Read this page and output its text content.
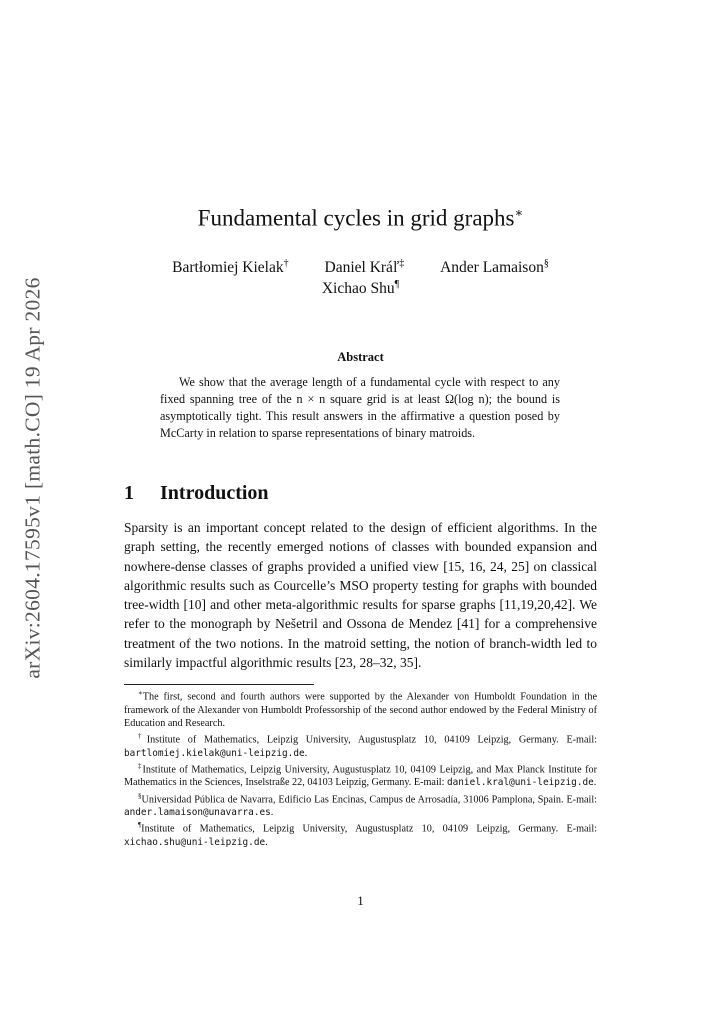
arXiv:2604.17595v1 [math.CO] 19 Apr 2026
Fundamental cycles in grid graphs∗
Bartłomiej Kielak† Daniel Kráľ‡ Ander Lamaison§
Xichao Shu¶
Abstract

We show that the average length of a fundamental cycle with respect to any fixed spanning tree of the n × n square grid is at least Ω(log n); the bound is asymptotically tight. This result answers in the affirmative a question posed by McCarty in relation to sparse representations of binary matroids.

1 Introduction

Sparsity is an important concept related to the design of efficient algorithms. In the graph setting, the recently emerged notions of classes with bounded expansion and nowhere-dense classes of graphs provided a unified view [15, 16, 24, 25] on classical algorithmic results such as Courcelle’s MSO property testing for graphs with bounded tree-width [10] and other meta-algorithmic results for sparse graphs [11,19,20,42]. We refer to the monograph by Nešetril and Ossona de Mendez [41] for a comprehensive treatment of the two notions. In the matroid setting, the notion of branch-width led to similarly impactful algorithmic results [23, 28–32, 35].

∗The first, second and fourth authors were supported by the Alexander von Humboldt Foundation in the framework of the Alexander von Humboldt Professorship of the second author endowed by the Federal Ministry of Education and Research.

†Institute of Mathematics, Leipzig University, Augustusplatz 10, 04109 Leipzig, Germany. E-mail: bartlomiej.kielak@uni-leipzig.de.

‡Institute of Mathematics, Leipzig University, Augustusplatz 10, 04109 Leipzig, and Max Planck Institute for Mathematics in the Sciences, Inselstraße 22, 04103 Leipzig, Germany. E-mail: daniel.kral@uni-leipzig.de.

§Universidad Pública de Navarra, Edificio Las Encinas, Campus de Arrosadía, 31006 Pamplona, Spain. E-mail: ander.lamaison@unavarra.es.

¶Institute of Mathematics, Leipzig University, Augustusplatz 10, 04109 Leipzig, Germany. E-mail: xichao.shu@uni-leipzig.de.

1
